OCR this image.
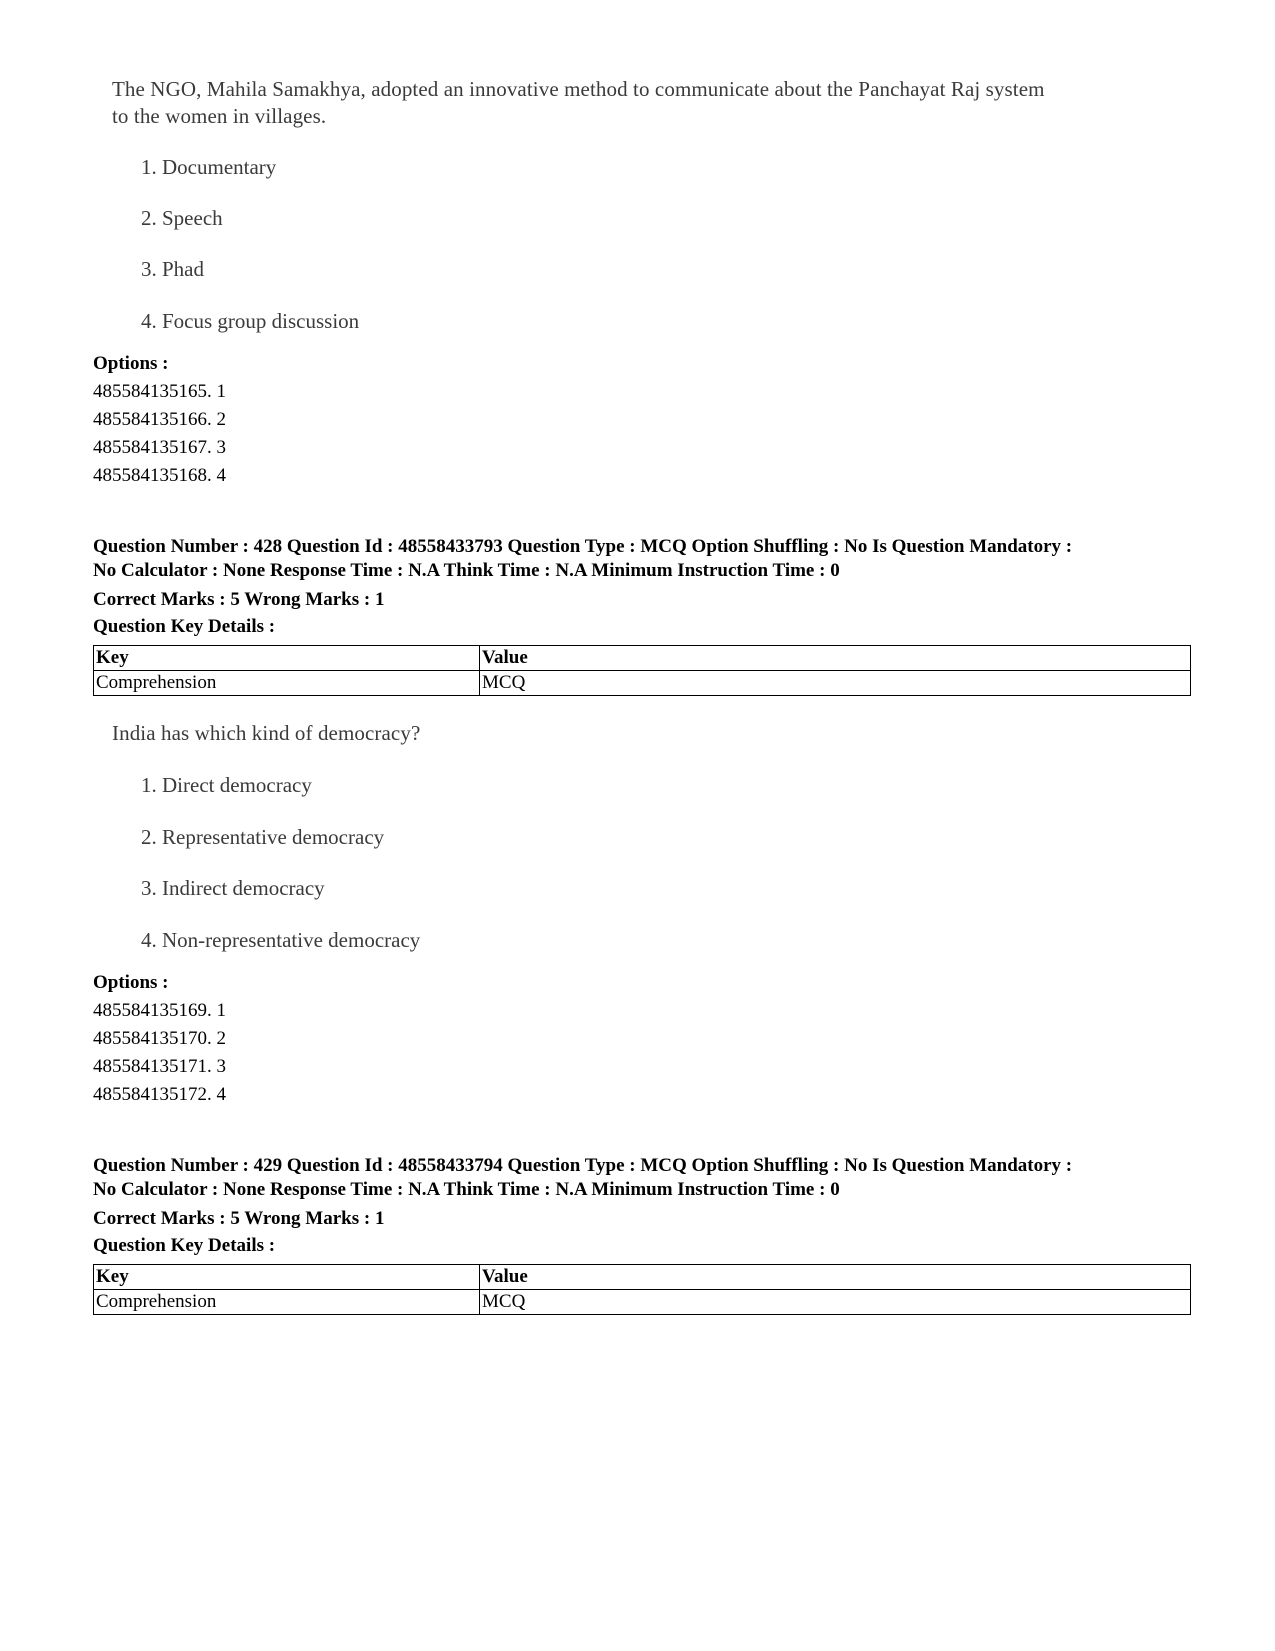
The NGO, Mahila Samakhya, adopted an innovative method to communicate about the Panchayat Raj system
to the women in villages.
1. Documentary
2. Speech
3. Phad
4. Focus group discussion
Options :
485584135165. 1
485584135166. 2
485584135167. 3
485584135168. 4
Question Number : 428 Question Id : 48558433793 Question Type : MCQ Option Shuffling : No Is Question Mandatory :
No Calculator : None Response Time : N.A Think Time : N.A Minimum Instruction Time : 0
Correct Marks : 5 Wrong Marks : 1
Question Key Details :
Key	Value
Comprehension	MCQ
India has which kind of democracy?
1. Direct democracy
2. Representative democracy
3. Indirect democracy
4. Non-representative democracy
Options :
485584135169. 1
485584135170. 2
485584135171. 3
485584135172. 4
Question Number : 429 Question Id : 48558433794 Question Type : MCQ Option Shuffling : No Is Question Mandatory :
No Calculator : None Response Time : N.A Think Time : N.A Minimum Instruction Time : 0
Correct Marks : 5 Wrong Marks : 1
Question Key Details :
Key	Value
Comprehension	MCQ
